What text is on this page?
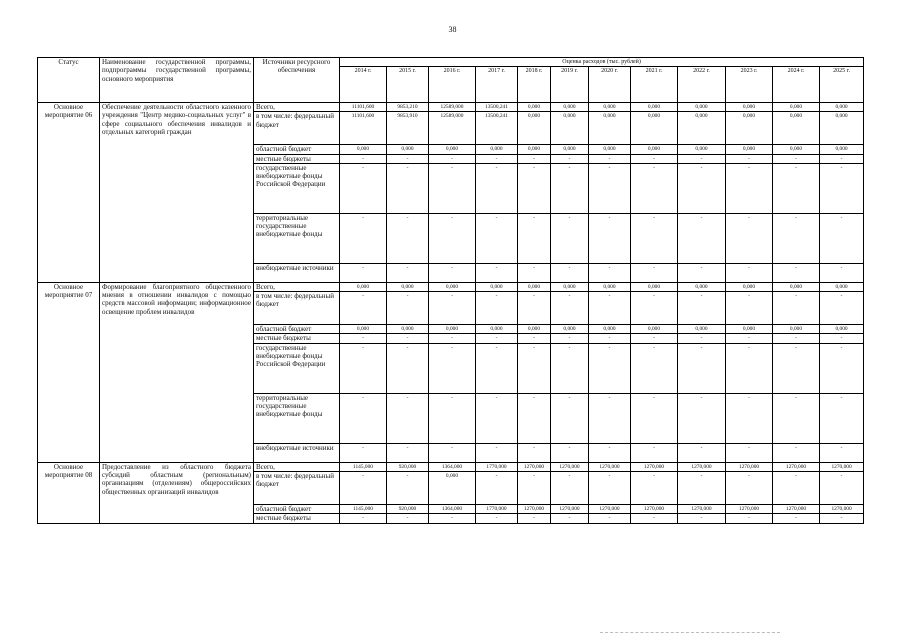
38
Статус	Наименование государственной программы, подпрограммы государственной программы, основного мероприятия	Источники ресурсного обеспечения	Оценка расходов (тыс. рублей)											
			2014 г.	2015 г.	2016 г.	2017 г.	2018 г.	2019 г.	2020 г.	2021 г.	2022 г.	2023 г.	2024 г.	2025 г.
Основное мероприятие 06	Обеспечение деятельности областного казенного учреждения "Центр медико-социальных услуг" в сфере социального обеспечения инвалидов и отдельных категорий граждан	Всего,	11101,600	9853,210	12589,000	13500,241	0,000	0,000	0,000	0,000	0,000	0,000	0,000	0,000
		в том числе: федеральный бюджет	11101,600	9853,910	12589,000	13500,241	0,000	0,000	0,000	0,000	0,000	0,000	0,000	0,000
		областной бюджет	0,000	0,000	0,000	0,000	0,000	0,000	0,000	0,000	0,000	0,000	0,000	0,000
		местные бюджеты	-	-	-	-	-	-	-	-	-	-	-	-
		государственные внебюджетные фонды Российской Федерации	-	-	-	-	-	-	-	-	-	-	-	-
		территориальные государственные внебюджетные фонды	-	-	-	-	-	-	-	-	-	-	-	-
		внебюджетные источники	-	-	-	-	-	-	-	-	-	-	-	-
Основное мероприятие 07	Формирование благоприятного общественного мнения в отношении инвалидов с помощью средств массовой информации; информационное освещение проблем инвалидов	Всего,	0,000	0,000	0,000	0,000	0,000	0,000	0,000	0,000	0,000	0,000	0,000	0,000
		в том числе: федеральный бюджет	-	-	-	-	-	-	-	-	-	-	-	-
		областной бюджет	0,000	0,000	0,000	0,000	0,000	0,000	0,000	0,000	0,000	0,000	0,000	0,000
		местные бюджеты	-	-	-	-	-	-	-	-	-	-	-	-
		государственные внебюджетные фонды Российской Федерации	-	-	-	-	-	-	-	-	-	-	-	-
		территориальные государственные внебюджетные фонды	-	-	-	-	-	-	-	-	-	-	-	-
		внебюджетные источники	-	-	-	-	-	-	-	-	-	-	-	-
Основное мероприятие 08	Предоставление из областного бюджета субсидий областным (региональным) организациям (отделениям) общероссийских общественных организаций инвалидов	Всего,	1145,000	920,000	1364,000	1770,000	1270,000	1270,000	1270,000	1270,000	1270,000	1270,000	1270,000	1270,000
		в том числе: федеральный бюджет	-	-	0,000	-	-	-	-	-	-	-	-	-
		областной бюджет	1145,000	920,000	1364,000	1770,000	1270,000	1270,000	1270,000	1270,000	1270,000	1270,000	1270,000	1270,000
		местные бюджеты	-	-	-	-	-	-	-	-	-	-	-	-
